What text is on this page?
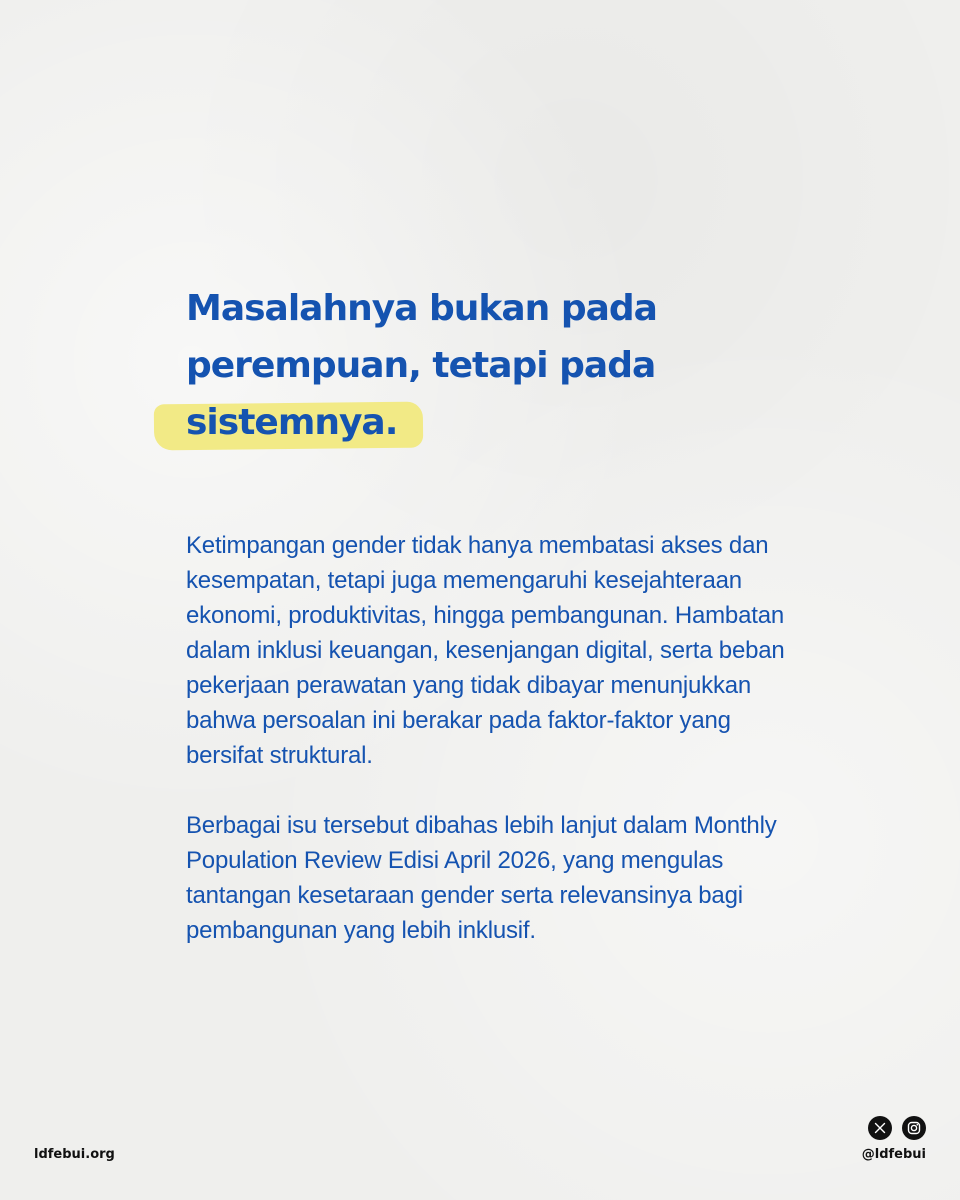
Masalahnya bukan pada
perempuan, tetapi pada
sistemnya.

Ketimpangan gender tidak hanya membatasi akses dan kesempatan, tetapi juga memengaruhi kesejahteraan ekonomi, produktivitas, hingga pembangunan. Hambatan dalam inklusi keuangan, kesenjangan digital, serta beban pekerjaan perawatan yang tidak dibayar menunjukkan bahwa persoalan ini berakar pada faktor-faktor yang bersifat struktural.

Berbagai isu tersebut dibahas lebih lanjut dalam Monthly Population Review Edisi April 2026, yang mengulas tantangan kesetaraan gender serta relevansinya bagi pembangunan yang lebih inklusif.

ldfebui.org	@ldfebui
